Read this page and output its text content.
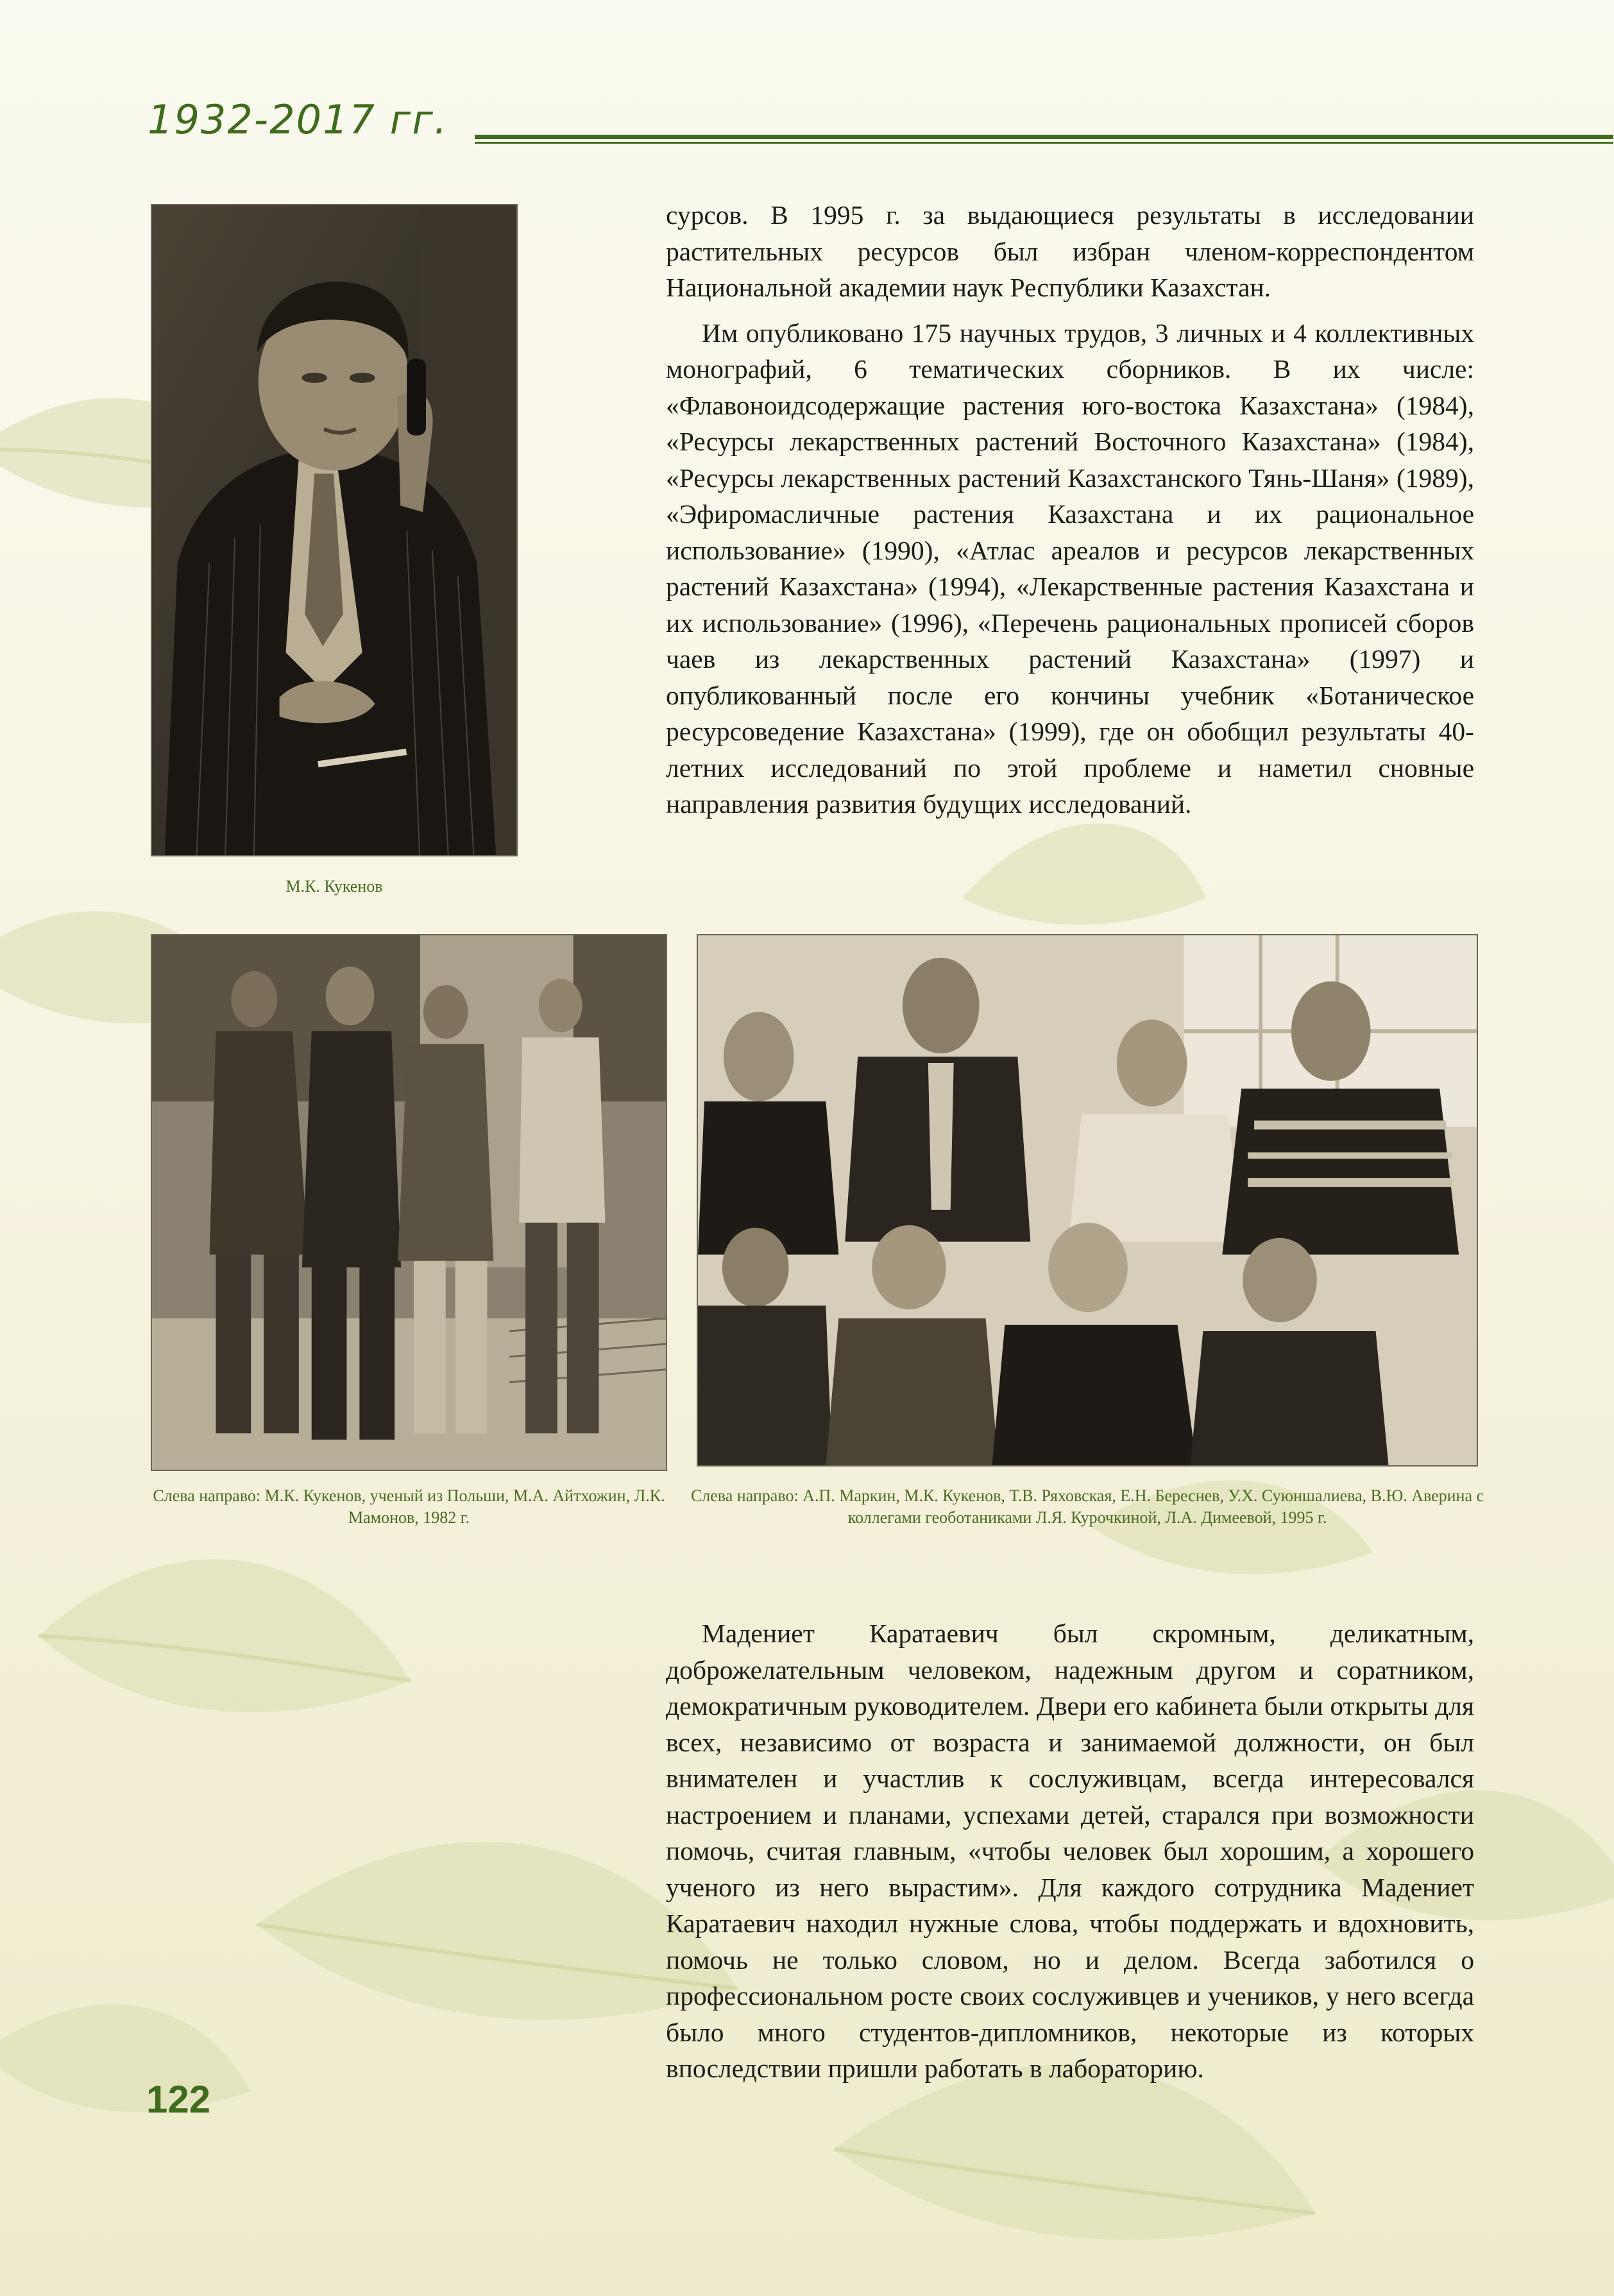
1932-2017 гг.

сурсов. В 1995 г. за выдающиеся результаты в исследовании растительных ресурсов был избран членом-корреспондентом Национальной академии наук Республики Казахстан.

Им опубликовано 175 научных трудов, 3 личных и 4 коллективных монографий, 6 тематических сборников. В их числе: «Флавоноидсодержащие растения юго-востока Казахстана» (1984), «Ресурсы лекарственных растений Восточного Казахстана» (1984), «Ресурсы лекарственных растений Казахстанского Тянь-Шаня» (1989), «Эфиромасличные растения Казахстана и их рациональное использование» (1990), «Атлас ареалов и ресурсов лекарственных растений Казахстана» (1994), «Лекарственные растения Казахстана и их использование» (1996), «Перечень рациональных прописей сборов чаев из лекарственных растений Казахстана» (1997) и опубликованный после его кончины учебник «Ботаническое ресурсоведение Казахстана» (1999), где он обобщил результаты 40-летних исследований по этой проблеме и наметил сновные направления развития будущих исследований.

М.К. Кукенов
Слева направо: М.К. Кукенов, ученый из Польши, М.А. Айтхожин, Л.К. Мамонов, 1982 г.
Слева направо: А.П. Маркин, М.К. Кукенов, Т.В. Ряховская, Е.Н. Береснев, У.Х. Суюншалиева, В.Ю. Аверина с коллегами геоботаниками Л.Я. Курочкиной, Л.А. Димеевой, 1995 г.

Мадениет Каратаевич был скромным, деликатным, доброжелательным человеком, надежным другом и соратником, демократичным руководителем. Двери его кабинета были открыты для всех, независимо от возраста и занимаемой должности, он был внимателен и участлив к сослуживцам, всегда интересовался настроением и планами, успехами детей, старался при возможности помочь, считая главным, «чтобы человек был хорошим, а хорошего ученого из него вырастим». Для каждого сотрудника Мадениет Каратаевич находил нужные слова, чтобы поддержать и вдохновить, помочь не только словом, но и делом. Всегда заботился о профессиональном росте своих сослуживцев и учеников, у него всегда было много студентов-дипломников, некоторые из которых впоследствии пришли работать в лабораторию.

122
